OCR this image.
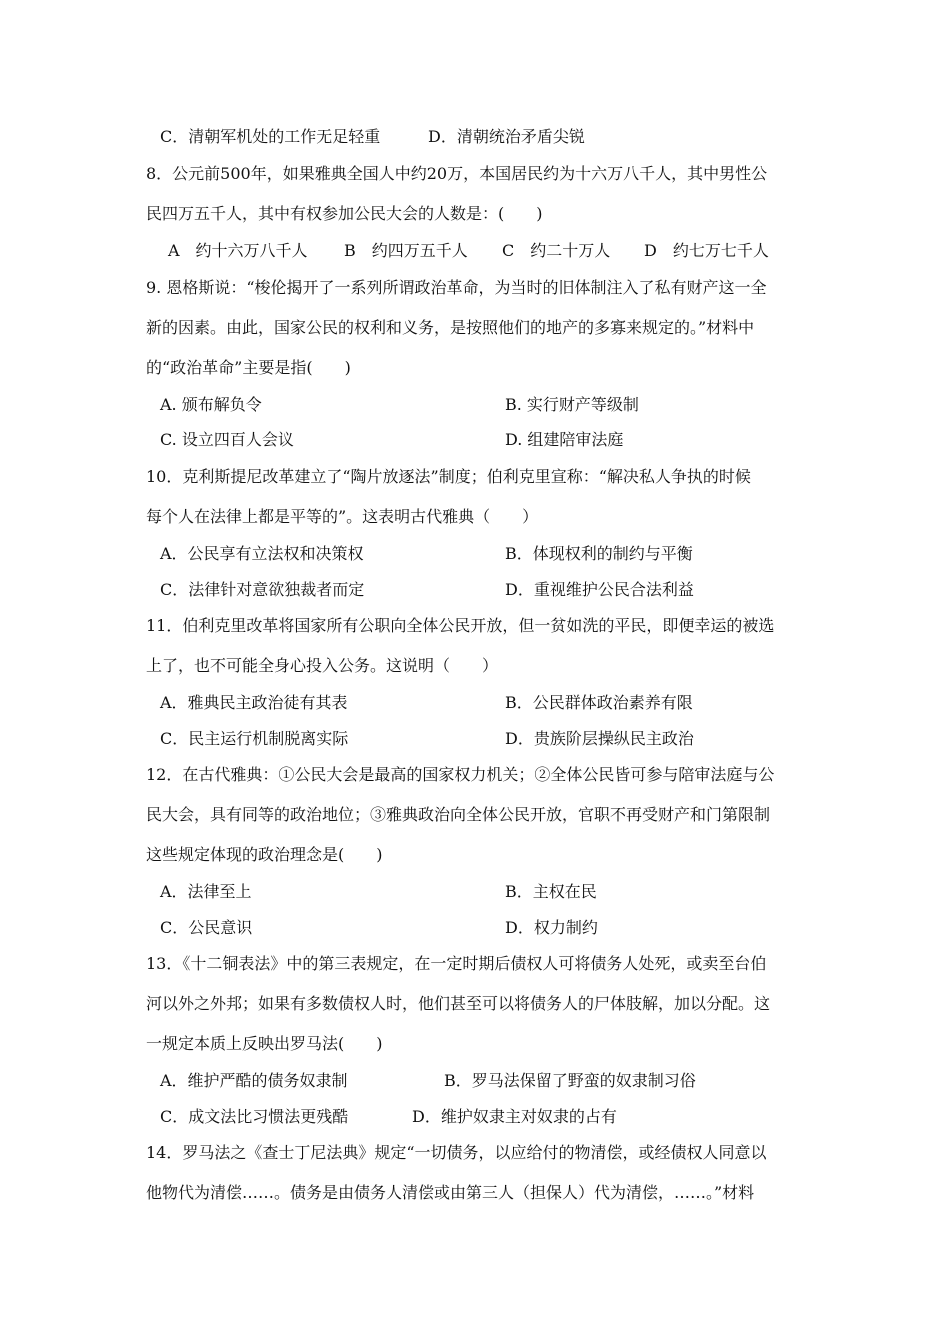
C．清朝军机处的工作无足轻重	D．清朝统治矛盾尖锐
8．公元前500年，如果雅典全国人中约20万，本国居民约为十六万八千人，其中男性公
民四万五千人，其中有权参加公民大会的人数是：(　　)
A　约十六万八千人 B　约四万五千人 C　约二十万人 D　约七万七千人
9. 恩格斯说：“梭伦揭开了一系列所谓政治革命，为当时的旧体制注入了私有财产这一全
新的因素。由此，国家公民的权利和义务，是按照他们的地产的多寡来规定的。”材料中
的“政治革命”主要是指(　　)
A. 颁布解负令	B. 实行财产等级制
C. 设立四百人会议	D. 组建陪审法庭
10．克利斯提尼改革建立了“陶片放逐法”制度；伯利克里宣称：“解决私人争执的时候
每个人在法律上都是平等的”。这表明古代雅典（　　）
A．公民享有立法权和决策权	B．体现权利的制约与平衡
C．法律针对意欲独裁者而定	D．重视维护公民合法利益
11．伯利克里改革将国家所有公职向全体公民开放，但一贫如洗的平民，即便幸运的被选
上了，也不可能全身心投入公务。这说明（　　）
A．雅典民主政治徒有其表	B．公民群体政治素养有限
C．民主运行机制脱离实际	D．贵族阶层操纵民主政治
12．在古代雅典：①公民大会是最高的国家权力机关；②全体公民皆可参与陪审法庭与公
民大会，具有同等的政治地位；③雅典政治向全体公民开放，官职不再受财产和门第限制
这些规定体现的政治理念是(　　)
A．法律至上	B．主权在民
C．公民意识	D．权力制约
13．《十二铜表法》中的第三表规定，在一定时期后债权人可将债务人处死，或卖至台伯
河以外之外邦；如果有多数债权人时，他们甚至可以将债务人的尸体肢解，加以分配。这
一规定本质上反映出罗马法(　　)
A．维护严酷的债务奴隶制	B．罗马法保留了野蛮的奴隶制习俗
C．成文法比习惯法更残酷	D．维护奴隶主对奴隶的占有
14．罗马法之《查士丁尼法典》规定“一切债务，以应给付的物清偿，或经债权人同意以
他物代为清偿……。债务是由债务人清偿或由第三人（担保人）代为清偿，……。”材料
